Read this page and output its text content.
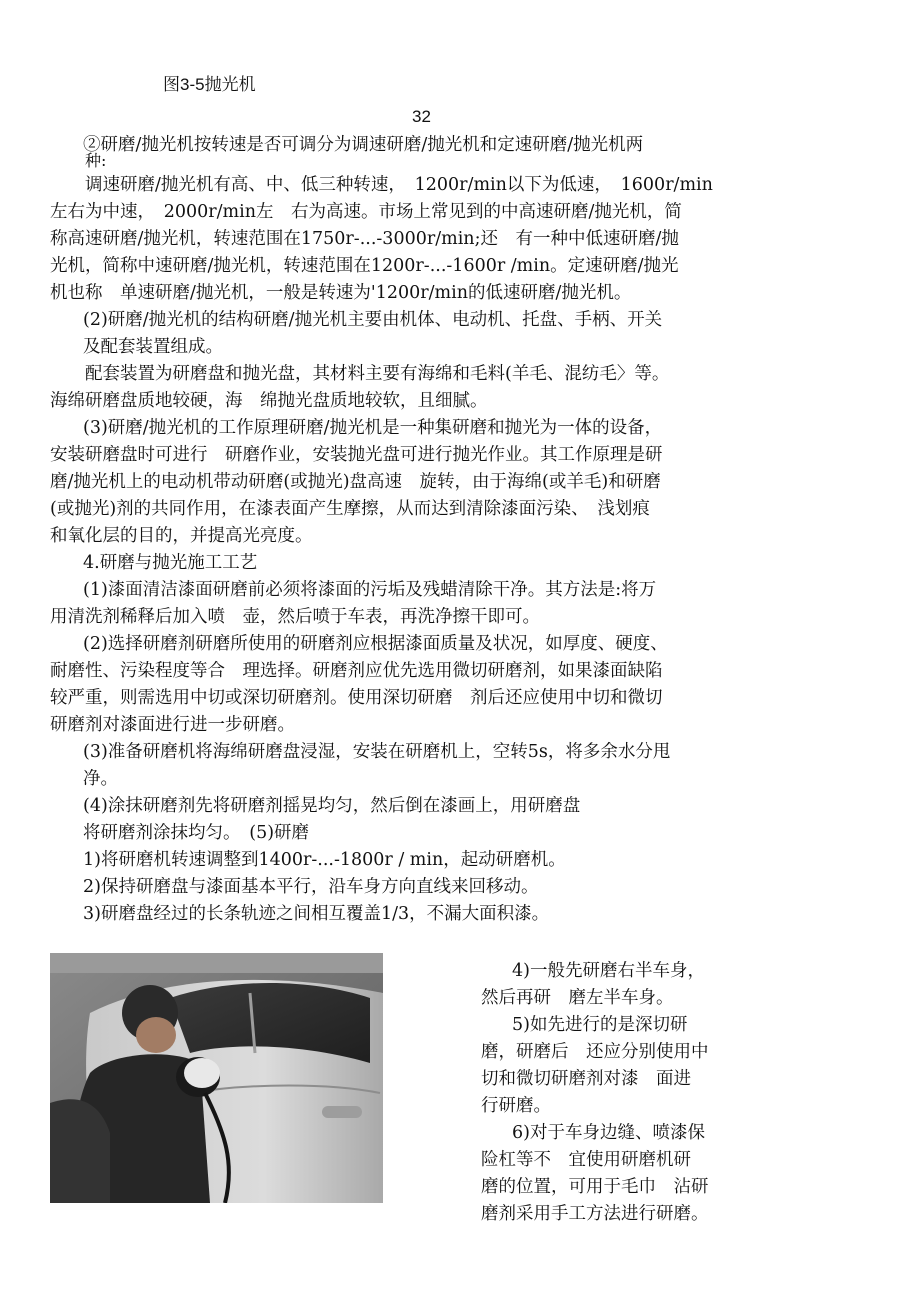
图3-5抛光机
32
②研磨/抛光机按转速是否可调分为调速研磨/抛光机和定速研磨/抛光机两
种:
调速研磨/抛光机有高、中、低三种转速，　1200r/min以下为低速，　1600r/min
左右为中速，　2000r/min左　右为高速。市场上常见到的中高速研磨/抛光机，简
称高速研磨/抛光机，转速范围在1750r-...-3000r/min;还　有一种中低速研磨/抛
光机，简称中速研磨/抛光机，转速范围在1200r-...-1600r /min。定速研磨/抛光
机也称　单速研磨/抛光机，一般是转速为'1200r/min的低速研磨/抛光机。
(2)研磨/抛光机的结构研磨/抛光机主要由机体、电动机、托盘、手柄、开关
及配套装置组成。
配套装置为研磨盘和抛光盘，其材料主要有海绵和毛料(羊毛、混纺毛〉等。
海绵研磨盘质地较硬，海　绵抛光盘质地较软，且细腻。
(3)研磨/抛光机的工作原理研磨/抛光机是一种集研磨和抛光为一体的设备，
安装研磨盘时可进行　研磨作业，安装抛光盘可进行抛光作业。其工作原理是研
磨/抛光机上的电动机带动研磨(或抛光)盘高速　旋转，由于海绵(或羊毛)和研磨
(或抛光)剂的共同作用，在漆表面产生摩擦，从而达到清除漆面污染、　浅划痕
和氧化层的目的，并提高光亮度。
4.研磨与抛光施工工艺
(1)漆面清洁漆面研磨前必须将漆面的污垢及残蜡清除干净。其方法是:将万
用清洗剂稀释后加入喷　壶，然后喷于车表，再洗净擦干即可。
(2)选择研磨剂研磨所使用的研磨剂应根据漆面质量及状况，如厚度、硬度、
耐磨性、污染程度等合　理选择。研磨剂应优先选用微切研磨剂，如果漆面缺陷
较严重，则需选用中切或深切研磨剂。使用深切研磨　剂后还应使用中切和微切
研磨剂对漆面进行进一步研磨。
(3)准备研磨机将海绵研磨盘浸湿，安装在研磨机上，空转5s，将多余水分甩
净。
(4)涂抹研磨剂先将研磨剂摇晃均匀，然后倒在漆画上，用研磨盘
将研磨剂涂抹均匀。　(5)研磨
1)将研磨机转速调整到1400r-...-1800r / min，起动研磨机。
2)保持研磨盘与漆面基本平行，沿车身方向直线来回移动。
3)研磨盘经过的长条轨迹之间相互覆盖1/3，不漏大面积漆。
4)一般先研磨右半车身，
然后再研　磨左半车身。
5)如先进行的是深切研
磨，研磨后　还应分别使用中
切和微切研磨剂对漆　面进
行研磨。
6)对于车身边缝、喷漆保
险杠等不　宜使用研磨机研
磨的位置，可用于毛巾　沾研
磨剂采用手工方法进行研磨。
